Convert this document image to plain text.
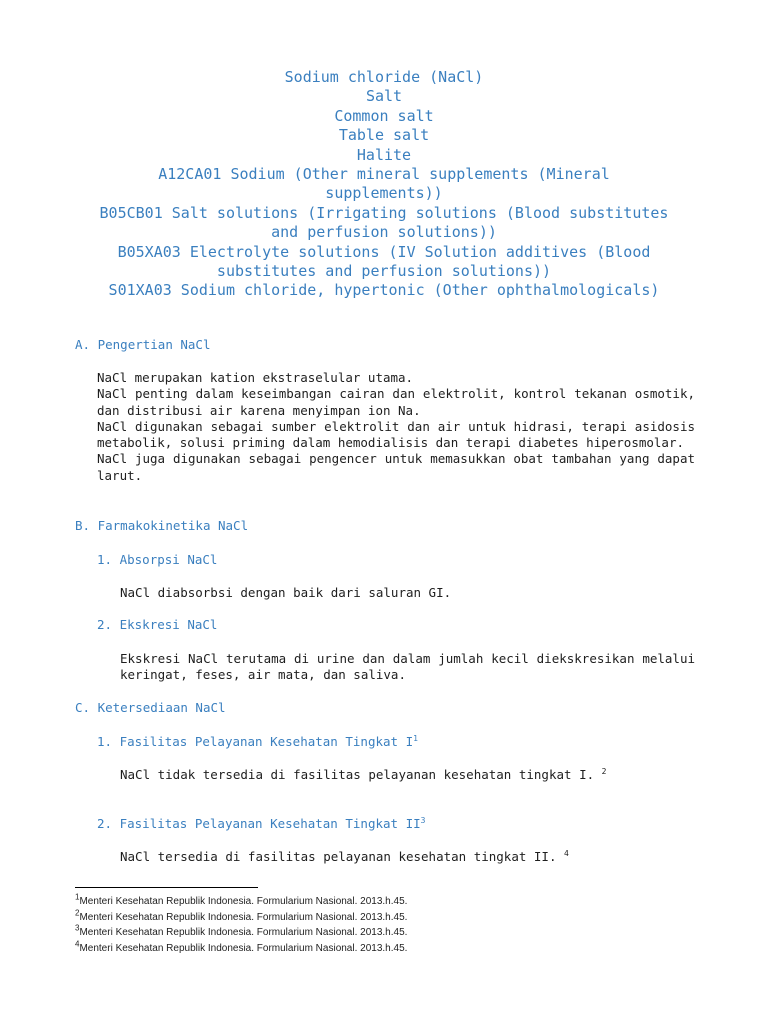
Sodium chloride (NaCl)
Salt
Common salt
Table salt
Halite
A12CA01 Sodium (Other mineral supplements (Mineral supplements))
B05CB01 Salt solutions (Irrigating solutions (Blood substitutes and perfusion solutions))
B05XA03 Electrolyte solutions (IV Solution additives (Blood substitutes and perfusion solutions))
S01XA03 Sodium chloride, hypertonic (Other ophthalmologicals)
A. Pengertian NaCl
NaCl merupakan kation ekstraselular utama.
NaCl penting dalam keseimbangan cairan dan elektrolit, kontrol tekanan osmotik, dan distribusi air karena menyimpan ion Na.
NaCl digunakan sebagai sumber elektrolit dan air untuk hidrasi, terapi asidosis metabolik, solusi priming dalam hemodialisis dan terapi diabetes hiperosmolar.
NaCl juga digunakan sebagai pengencer untuk memasukkan obat tambahan yang dapat larut.
B. Farmakokinetika NaCl
1. Absorpsi NaCl
NaCl diabsorbsi dengan baik dari saluran GI.
2. Ekskresi NaCl
Ekskresi NaCl terutama di urine dan dalam jumlah kecil diekskresikan melalui keringat, feses, air mata, dan saliva.
C. Ketersediaan NaCl
1. Fasilitas Pelayanan Kesehatan Tingkat $I^1$
NaCl tidak tersedia di fasilitas pelayanan kesehatan tingkat I. $^2$
2. Fasilitas Pelayanan Kesehatan Tingkat $II^3$
NaCl tersedia di fasilitas pelayanan kesehatan tingkat II. $^4$
$^1$Menteri Kesehatan Republik Indonesia. Formularium Nasional. 2013.h.45.
$^2$Menteri Kesehatan Republik Indonesia. Formularium Nasional. 2013.h.45.
$^3$Menteri Kesehatan Republik Indonesia. Formularium Nasional. 2013.h.45.
$^4$Menteri Kesehatan Republik Indonesia. Formularium Nasional. 2013.h.45.
